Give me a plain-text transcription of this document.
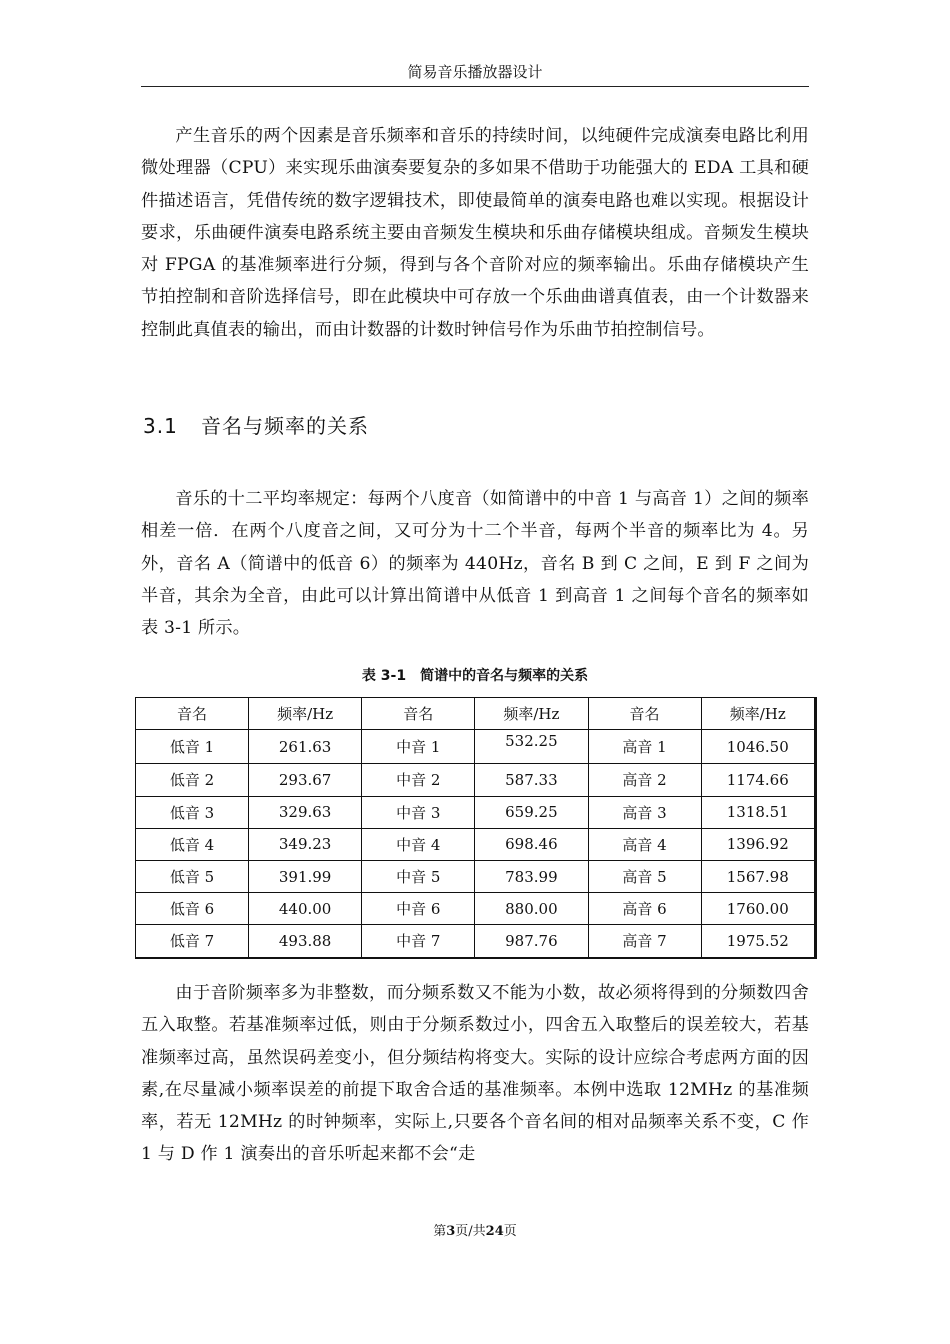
简易音乐播放器设计

产生音乐的两个因素是音乐频率和音乐的持续时间，以纯硬件完成演奏电路比利用微处理器（CPU）来实现乐曲演奏要复杂的多如果不借助于功能强大的 EDA 工具和硬件描述语言，凭借传统的数字逻辑技术，即使最简单的演奏电路也难以实现。根据设计要求，乐曲硬件演奏电路系统主要由音频发生模块和乐曲存储模块组成。音频发生模块对 FPGA 的基准频率进行分频，得到与各个音阶对应的频率输出。乐曲存储模块产生节拍控制和音阶选择信号，即在此模块中可存放一个乐曲曲谱真值表，由一个计数器来控制此真值表的输出，而由计数器的计数时钟信号作为乐曲节拍控制信号。

3.1 音名与频率的关系

音乐的十二平均率规定：每两个八度音（如简谱中的中音 1 与高音 1）之间的频率相差一倍．在两个八度音之间，又可分为十二个半音，每两个半音的频率比为 4。另外，音名 A（简谱中的低音 6）的频率为 440Hz，音名 B 到 C 之间，E 到 F 之间为半音，其余为全音，由此可以计算出简谱中从低音 1 到高音 1 之间每个音名的频率如表 3-1 所示。

表 3-1　简谱中的音名与频率的关系
音名	频率/Hz	音名	频率/Hz	音名	频率/Hz
低音 1	261.63	中音 1	532.25	高音 1	1046.50
低音 2	293.67	中音 2	587.33	高音 2	1174.66
低音 3	329.63	中音 3	659.25	高音 3	1318.51
低音 4	349.23	中音 4	698.46	高音 4	1396.92
低音 5	391.99	中音 5	783.99	高音 5	1567.98
低音 6	440.00	中音 6	880.00	高音 6	1760.00
低音 7	493.88	中音 7	987.76	高音 7	1975.52

由于音阶频率多为非整数，而分频系数又不能为小数，故必须将得到的分频数四舍五入取整。若基准频率过低，则由于分频系数过小，四舍五入取整后的误差较大，若基准频率过高，虽然误码差变小，但分频结构将变大。实际的设计应综合考虑两方面的因素,在尽量减小频率误差的前提下取舍合适的基准频率。本例中选取 12MHz 的基准频率，若无 12MHz 的时钟频率，实际上,只要各个音名间的相对品频率关系不变，C 作 1 与 D 作 1 演奏出的音乐听起来都不会“走

第3页/共24页
